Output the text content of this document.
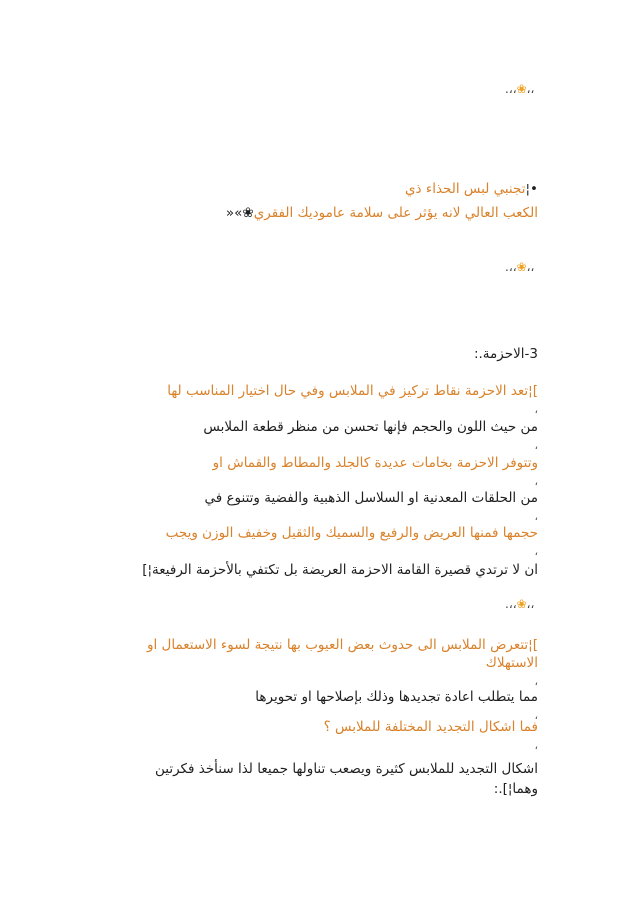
.،،❀،،
•¦تجنبي لبس الحذاء ذي
الكعب العالي لانه يؤثر على سلامة عاموديك الفقري❀»«
.،،❀،،
3-الاحزمة.:
‏]¦تعد الاحزمة نقاط تركيز في الملابس وفي حال اختيار المناسب لها
،
من حيث اللون والحجم فإنها تحسن من منظر قطعة الملابس
،
وتتوفر الاحزمة بخامات عديدة كالجلد والمطاط والقماش او
،
من الحلقات المعدنية او السلاسل الذهبية والفضية وتتنوع في
،
حجمها فمنها العريض والرفيع والسميك والثقيل وخفيف الوزن ويجب
،
ان لا ترتدي قصيرة القامة الاحزمة العريضة بل تكتفي بالأحزمة الرفيعة¦]
.،،❀،،
‏]¦تتعرض الملابس الى حدوث بعض العيوب بها نتيجة لسوء الاستعمال او
الاستهلاك
،
مما يتطلب اعادة تجديدها وذلك بإصلاحها او تحويرها
،
فما اشكال التجديد المختلفة للملابس ؟
،
اشكال التجديد للملابس كثيرة ويصعب تناولها جميعا لذا سنأخذ فكرتين
وهما¦].:
